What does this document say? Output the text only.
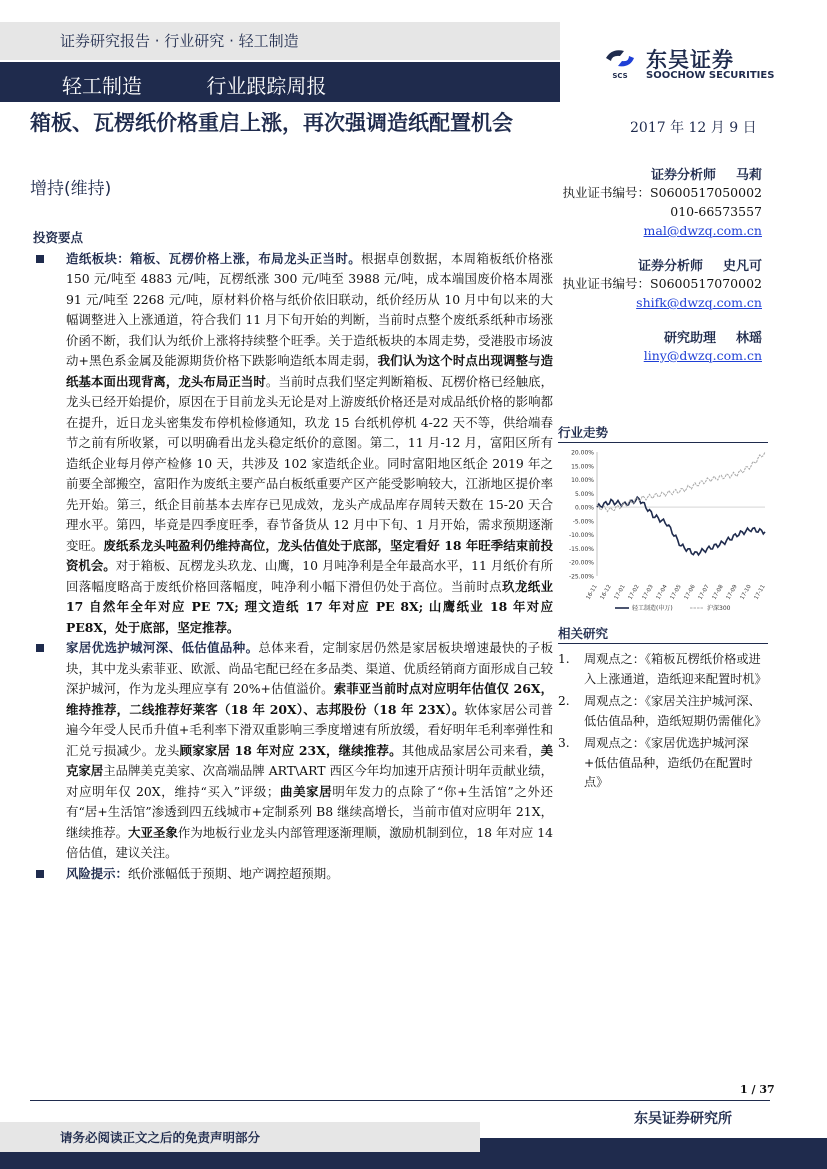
证券研究报告 · 行业研究 · 轻工制造
轻工制造	行业跟踪周报	SCS
东吴证券
SOOCHOW SECURITIES
箱板、瓦楞纸价格重启上涨，再次强调造纸配置机会
增持(维持)
2017 年 12 月 9 日
证券分析师 马莉
执业证书编号：S0600517050002
010-66573557
mal@dwzq.com.cn
证券分析师 史凡可
执业证书编号：S0600517070002
shifk@dwzq.com.cn
研究助理 林瑶
liny@dwzq.com.cn
投资要点
造纸板块：箱板、瓦楞价格上涨，布局龙头正当时。根据卓创数据，本周箱板纸价格涨 150 元/吨至 4883 元/吨，瓦楞纸涨 300 元/吨至 3988 元/吨，成本端国废价格本周涨 91 元/吨至 2268 元/吨，原材料价格与纸价依旧联动，纸价经历从 10 月中旬以来的大幅调整进入上涨通道，符合我们 11 月下旬开始的判断，当前时点整个废纸系纸种市场涨价函不断，我们认为纸价上涨将持续整个旺季。关于造纸板块的本周走势，受港股市场波动+黑色系金属及能源期货价格下跌影响造纸本周走弱，我们认为这个时点出现调整与造纸基本面出现背离，龙头布局正当时。当前时点我们坚定判断箱板、瓦楞价格已经触底，龙头已经开始提价，原因在于目前龙头无论是对上游废纸价格还是对成品纸价格的影响都在提升，近日龙头密集发布停机检修通知，玖龙 15 台纸机停机 4-22 天不等，供给端春节之前有所收紧，可以明确看出龙头稳定纸价的意图。第二，11 月-12 月，富阳区所有造纸企业每月停产检修 10 天，共涉及 102 家造纸企业。同时富阳地区纸企 2019 年之前要全部搬空，富阳作为废纸主要产品白板纸重要产区产能受影响较大，江浙地区提价率先开始。第三，纸企目前基本去库存已见成效，龙头产成品库存周转天数在 15-20 天合理水平。第四，毕竟是四季度旺季，春节备货从 12 月中下旬、1 月开始，需求预期逐渐变旺。废纸系龙头吨盈利仍维持高位，龙头估值处于底部，坚定看好 18 年旺季结束前投资机会。对于箱板、瓦楞龙头玖龙、山鹰，10 月吨净利是全年最高水平，11 月纸价有所回落幅度略高于废纸价格回落幅度，吨净利小幅下滑但仍处于高位。当前时点玖龙纸业 17 自然年全年对应 PE 7X; 理文造纸 17 年对应 PE 8X; 山鹰纸业 18 年对应 PE8X，处于底部，坚定推荐。
家居优选护城河深、低估值品种。总体来看，定制家居仍然是家居板块增速最快的子板块，其中龙头索菲亚、欧派、尚品宅配已经在多品类、渠道、优质经销商方面形成自己较深护城河，作为龙头理应享有 20%+估值溢价。索菲亚当前时点对应明年估值仅 26X，维持推荐，二线推荐好莱客（18 年 20X）、志邦股份（18 年 23X）。软体家居公司普遍今年受人民币升值+毛利率下滑双重影响三季度增速有所放缓，看好明年毛利率弹性和汇兑亏损减少。龙头顾家家居 18 年对应 23X，继续推荐。其他成品家居公司来看，美克家居主品牌美克美家、次高端品牌 ART\ART 西区今年均加速开店预计明年贡献业绩，对应明年仅 20X，维持“买入”评级；曲美家居明年发力的点除了“你+生活馆”之外还有“居+生活馆”渗透到四五线城市+定制系列 B8 继续高增长，当前市值对应明年 21X，继续推荐。大亚圣象作为地板行业龙头内部管理逐渐理顺，激励机制到位，18 年对应 14 倍估值，建议关注。
风险提示：纸价涨幅低于预期、地产调控超预期。
行业走势
20.00%
15.00%
10.00%
5.00%
0.00%
-5.00%
-10.00%
-15.00%
-20.00%
-25.00%
16-11 16-12 17-01 17-02 17-03 17-04 17-05 17-06 17-07 17-08 17-09 17-10 17-11
轻工制造(申万)	沪深300
相关研究
1. 周观点之：《箱板瓦楞纸价格或进入上涨通道，造纸迎来配置时机》
2. 周观点之：《家居关注护城河深、低估值品种，造纸短期仍需催化》
3. 周观点之：《家居优选护城河深+低估值品种，造纸仍在配置时点》
1 / 37
东吴证券研究所
请务必阅读正文之后的免责声明部分
